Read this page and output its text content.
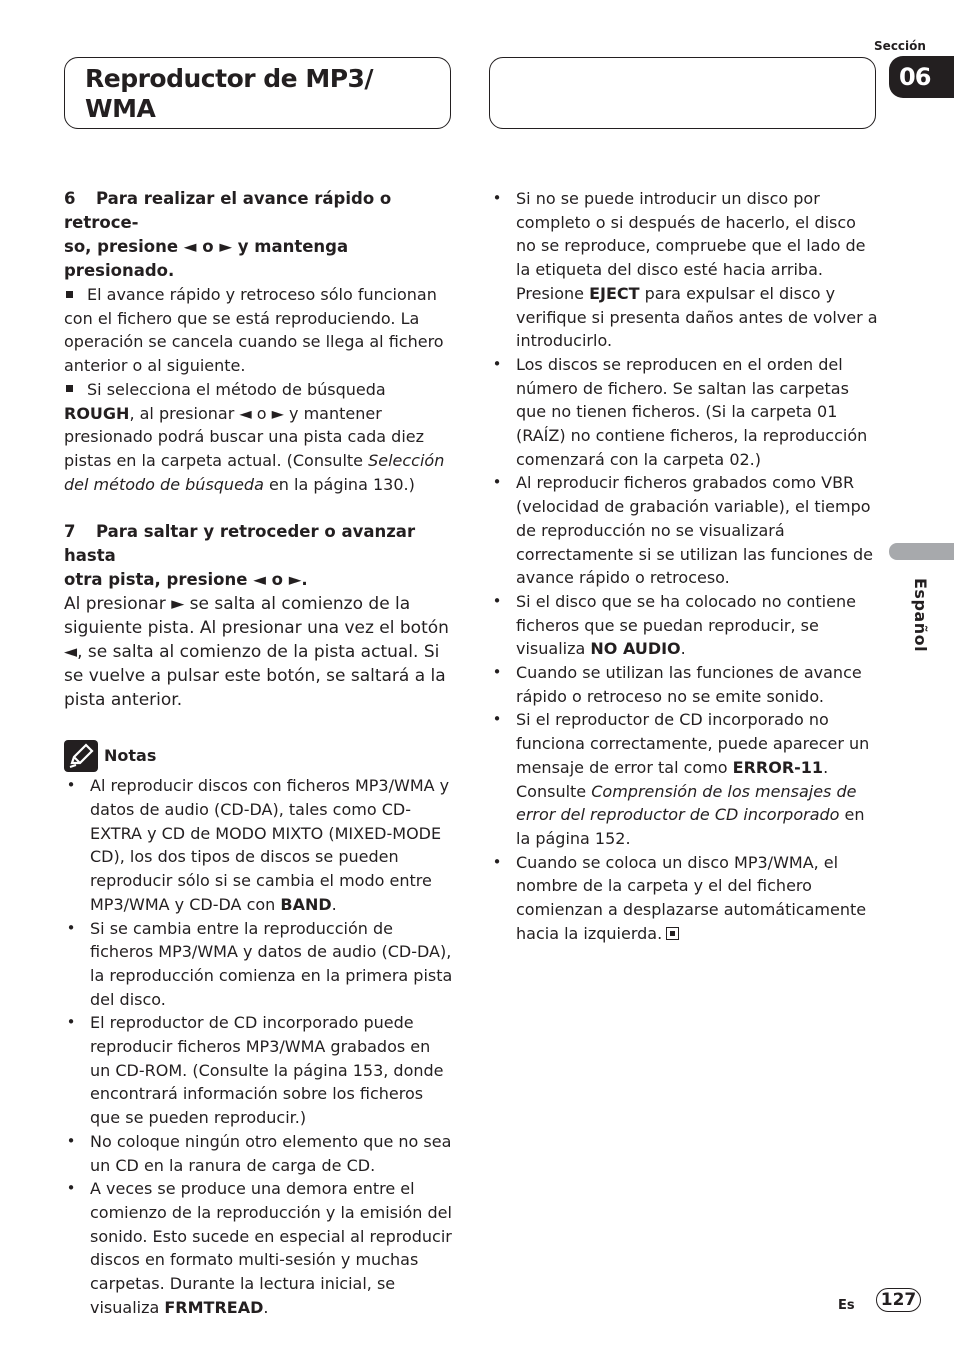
Reproductor de MP3/
WMA
Sección
06
Español
6 Para realizar el avance rápido o retroce-
so, presione ◄ o ► y mantenga presionado.
El avance rápido y retroceso sólo funcionan con el fichero que se está reproduciendo. La operación se cancela cuando se llega al fichero anterior o al siguiente.
Si selecciona el método de búsqueda
ROUGH, al presionar ◄ o ► y mantener presionado podrá buscar una pista cada diez pistas en la carpeta actual. (Consulte Selección del método de búsqueda en la página 130.)
7 Para saltar y retroceder o avanzar hasta
otra pista, presione ◄ o ►.
Al presionar ► se salta al comienzo de la siguiente pista. Al presionar una vez el botón ◄, se salta al comienzo de la pista actual. Si se vuelve a pulsar este botón, se saltará a la pista anterior.
Notas
• Al reproducir discos con ficheros MP3/WMA y datos de audio (CD-DA), tales como CD-EXTRA y CD de MODO MIXTO (MIXED-MODE CD), los dos tipos de discos se pueden reproducir sólo si se cambia el modo entre MP3/WMA y CD-DA con BAND.
• Si se cambia entre la reproducción de ficheros MP3/WMA y datos de audio (CD-DA), la reproducción comienza en la primera pista del disco.
• El reproductor de CD incorporado puede reproducir ficheros MP3/WMA grabados en un CD-ROM. (Consulte la página 153, donde encontrará información sobre los ficheros que se pueden reproducir.)
• No coloque ningún otro elemento que no sea un CD en la ranura de carga de CD.
• A veces se produce una demora entre el comienzo de la reproducción y la emisión del sonido. Esto sucede en especial al reproducir discos en formato multi-sesión y muchas carpetas. Durante la lectura inicial, se visualiza FRMTREAD.
• Si no se puede introducir un disco por completo o si después de hacerlo, el disco no se reproduce, compruebe que el lado de la etiqueta del disco esté hacia arriba. Presione EJECT para expulsar el disco y verifique si presenta daños antes de volver a introducirlo.
• Los discos se reproducen en el orden del número de fichero. Se saltan las carpetas que no tienen ficheros. (Si la carpeta 01 (RAÍZ) no contiene ficheros, la reproducción comenzará con la carpeta 02.)
• Al reproducir ficheros grabados como VBR (velocidad de grabación variable), el tiempo de reproducción no se visualizará correctamente si se utilizan las funciones de avance rápido o retroceso.
• Si el disco que se ha colocado no contiene ficheros que se puedan reproducir, se visualiza NO AUDIO.
• Cuando se utilizan las funciones de avance rápido o retroceso no se emite sonido.
• Si el reproductor de CD incorporado no funciona correctamente, puede aparecer un mensaje de error tal como ERROR-11. Consulte Comprensión de los mensajes de error del reproductor de CD incorporado en la página 152.
• Cuando se coloca un disco MP3/WMA, el nombre de la carpeta y el del fichero comienzan a desplazarse automáticamente hacia la izquierda.
Es 127
